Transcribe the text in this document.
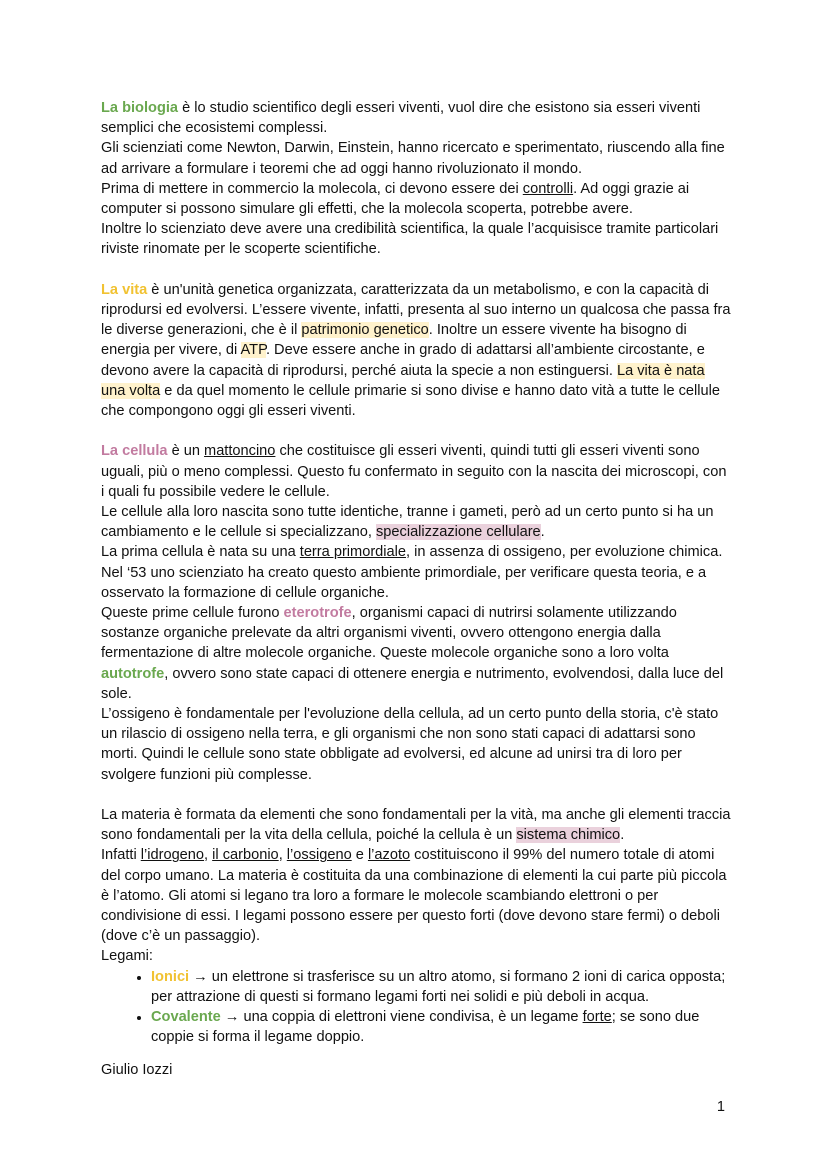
La biologia è lo studio scientifico degli esseri viventi, vuol dire che esistono sia esseri viventi semplici che ecosistemi complessi.

Gli scienziati come Newton, Darwin, Einstein, hanno ricercato e sperimentato, riuscendo alla fine ad arrivare a formulare i teoremi che ad oggi hanno rivoluzionato il mondo.

Prima di mettere in commercio la molecola, ci devono essere dei controlli. Ad oggi grazie ai computer si possono simulare gli effetti, che la molecola scoperta, potrebbe avere.

Inoltre lo scienziato deve avere una credibilità scientifica, la quale l’acquisisce tramite particolari riviste rinomate per le scoperte scientifiche.

La vita è un'unità genetica organizzata, caratterizzata da un metabolismo, e con la capacità di riprodursi ed evolversi. L’essere vivente, infatti, presenta al suo interno un qualcosa che passa fra le diverse generazioni, che è il patrimonio genetico. Inoltre un essere vivente ha bisogno di energia per vivere, di ATP. Deve essere anche in grado di adattarsi all’ambiente circostante, e devono avere la capacità di riprodursi, perché aiuta la specie a non estinguersi. La vita è nata una volta e da quel momento le cellule primarie si sono divise e hanno dato vità a tutte le cellule che compongono oggi gli esseri viventi.

La cellula è un mattoncino che costituisce gli esseri viventi, quindi tutti gli esseri viventi sono uguali, più o meno complessi. Questo fu confermato in seguito con la nascita dei microscopi, con i quali fu possibile vedere le cellule.

Le cellule alla loro nascita sono tutte identiche, tranne i gameti, però ad un certo punto si ha un cambiamento e le cellule si specializzano, specializzazione cellulare.

La prima cellula è nata su una terra primordiale, in assenza di ossigeno, per evoluzione chimica. Nel ‘53 uno scienziato ha creato questo ambiente primordiale, per verificare questa teoria, e a osservato la formazione di cellule organiche.

Queste prime cellule furono eterotrofe, organismi capaci di nutrirsi solamente utilizzando sostanze organiche prelevate da altri organismi viventi, ovvero ottengono energia dalla fermentazione di altre molecole organiche. Queste molecole organiche sono a loro volta autotrofe, ovvero sono state capaci di ottenere energia e nutrimento, evolvendosi, dalla luce del sole.

L’ossigeno è fondamentale per l'evoluzione della cellula, ad un certo punto della storia, c'è stato un rilascio di ossigeno nella terra, e gli organismi che non sono stati capaci di adattarsi sono morti. Quindi le cellule sono state obbligate ad evolversi, ed alcune ad unirsi tra di loro per svolgere funzioni più complesse.

La materia è formata da elementi che sono fondamentali per la vità, ma anche gli elementi traccia sono fondamentali per la vita della cellula, poiché la cellula è un sistema chimico.

Infatti l’idrogeno, il carbonio, l’ossigeno e l’azoto costituiscono il 99% del numero totale di atomi del corpo umano. La materia è costituita da una combinazione di elementi la cui parte più piccola è l’atomo. Gli atomi si legano tra loro a formare le molecole scambiando elettroni o per condivisione di essi. I legami possono essere per questo forti (dove devono stare fermi) o deboli (dove c’è un passaggio).

Legami:

• Ionici → un elettrone si trasferisce su un altro atomo, si formano 2 ioni di carica opposta; per attrazione di questi si formano legami forti nei solidi e più deboli in acqua.
• Covalente → una coppia di elettroni viene condivisa, è un legame forte; se sono due coppie si forma il legame doppio.

Giulio Iozzi

1
